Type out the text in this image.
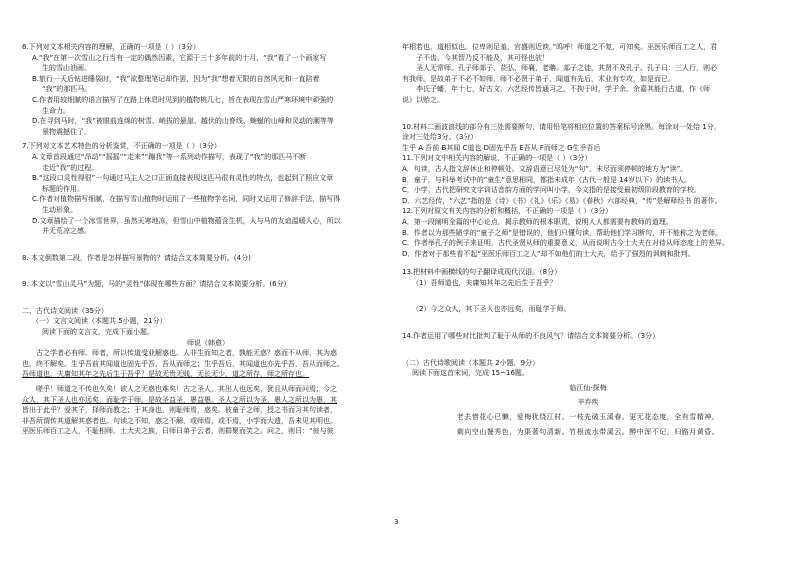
6.下列对文本相关内容的理解，正确的一项是（ ）（3分）

A.“我”在第一次雪山之行当有一定的偶然因素，它源于三十多年前的十月，“我”看了一个画家写

生的雪山油画。

B.旅行一天后钻进睡袋时，“我”欲整理笔记却作罢，因为“我”想着无限的自然风光和一直陪着

“我”的那匹马。

C.作者用较细腻的语言描写了在路上休息时见到的植物桃几七，旨在表现在雪山严寒环境中顽强的

生命力。

D.在寻到马时，“我”被眼前连绵的树雪、峭拔的悬崖、越伏的山脊线、蜿蜒的山峰和灵动的潮等等

景物震撼住了。

7.下列对文本艺术特色的分析鉴赏，不正确的一项是（ ）（3分）

A.文章首段通过“昂动”“摇摇”“走来”“蹦我”等一系列动作描写，表现了“我”的那匹马不断

走近“我”的过程。

B.“这段口灵性得很”一句通过马主人之口正面直接表现这匹马很有灵性的特点，也起到了照应文章

标题的作用。

C.作者对植物描写细腻，在描写雪山植物时运用了一些植物学名词，同时又运用了修辞手法，描写得

生动形象。

D.文章描绘了一个冰雪世界，虽然天寒地冻，但雪山中植物蕴含生机，人与马的友谊温暖人心，所以

并无荒凉之感。

8. 本文倒数第二段，作者是怎样描写景物的？请结合文本简要分析。(4分)

9. 本文以“雪山灵马”为题，马的“灵性”体现在哪些方面？请结合文本简要分析。(6分)

二、古代诗文阅读（35分）

（一）文言文阅读（本题共 5小题，21分）

阅读下面的文言文，完成下面小题。

师说（韩愈）

古之学者必有师。师者，所以传道受业解惑也。人非生而知之者，孰能无惑？惑而不从师，其为惑

也，终不解矣。生乎吾前其闻道也固先乎吾，吾从而师之；生乎吾后，其闻道也亦先乎吾，吾从而师之。

吾师道也，夫庸知其年之先后生于吾乎？是故无贵无贱，无长无少，道之所存，师之所存也。

嗟乎！师道之不传也久矣！欲人之无惑也难矣！古之圣人，其出人也远矣，犹且从师而问焉；今之

众人，其下圣人也亦远矣，而耻学于师。是故圣益圣，愚益愚。圣人之所以为圣，愚人之所以为愚，其

皆出于此乎？爱其子，择师而教之；于其身也，则耻师焉，惑矣。彼童子之师，授之书而习其句读者，

非吾所谓传其道解其惑者也。句读之不知，惑之不解，或师焉，或不焉，小学而大遗，吾未见其明也。

巫医乐师百工之人，不耻相师。士大夫之族，曰师曰弟子云者，则群聚而笑之。问之，则曰：“彼与彼

年相若也，道相似也。位卑则足羞，官盛则近谀。”呜呼！师道之不复，可知矣。巫医乐师百工之人，君

子不齿，今其智乃反不能及，其可怪也欤！

圣人无常师。孔子师郯子、苌弘、师襄、老聃。郯子之徒，其贤不及孔子。孔子曰：三人行，则必

有我师。是故弟子不必不如师，师不必贤于弟子，闻道有先后，术业有专攻，如是而已。

李氏子蟠，年十七，好古文，六艺经传皆通习之，不拘于时，学于余。余嘉其能行古道，作《师

说》以贻之。

10.材料二画波浪线的部分有三处需要断句，请用铅笔将相应位置的答案标号涂黑。每涂对一处给 1分，

涂对三处给3分。（3分）

生乎 A 吾前 B其闻 C道也 D固先乎吾 E吾从 F而师之 G生乎吾后

11.下列对文中相关内容的解说，不正确的一项是（ ）（3分）

A．句读，古人指文辞休止和停顿处。文辞语意已尽处为“句”，未尽而须停顿的地方为“读”。

B．童子，与科举考试中的“童生”意思相同，都指未成年（古代一般是 14岁以下）的读书人。

C．小学，古代把研究文字训诂音韵方面的学问叫小学，今文指的是接受最初级阶段教育的学校。

D．六艺经传，“六艺”指的是《诗》《书》《礼》《乐》《易》《春秋》六部经典，“传”是解释经书 的著作。

12.下列对原文有关内容的分析和概括，不正确的一项是（ ）（3分）

A．第一段阐明全篇的中心论点，揭示教师的根本职责，说明人人都需要有教师的道理。

B．作者以为那些陋学的“童子之师”是错误的，他们只懂句读，帮助他们学习断句，并不能称之为老师。

C．作者举孔子的例子来证明，古代圣贤从师的重要意义，从而说明古今士大夫在对待从师态度上的差异。

D．作者对于那些看不起“巫医乐师百工之人”却不如他们的士大夫，给予了强烈的讽刺和批判。

13.把材料中画横线的句子翻译成现代汉语。（8分）

（1）吾师道也，夫庸知其年之先后生于吾乎？

（2）今之众人，其下圣人也亦远矣，而耻学于师。

14.作者运用了哪些对比批判了耻于从师的不良风气？请结合文本简要分析。（3分）

（二）古代诗歌阅读（本题共 2小题，9分）

阅读下面这首宋词，完成 15~16题。

临江仙·探梅

辛弃疾

老去惜花心已懒，爱梅犹绕江村。一枝先破玉溪春。更无花态度，全有雪精神。

剩向空山餐秀色，为渠著句清新。竹根流水带溪云。醉中浑不记，归路月黄昏。

3
